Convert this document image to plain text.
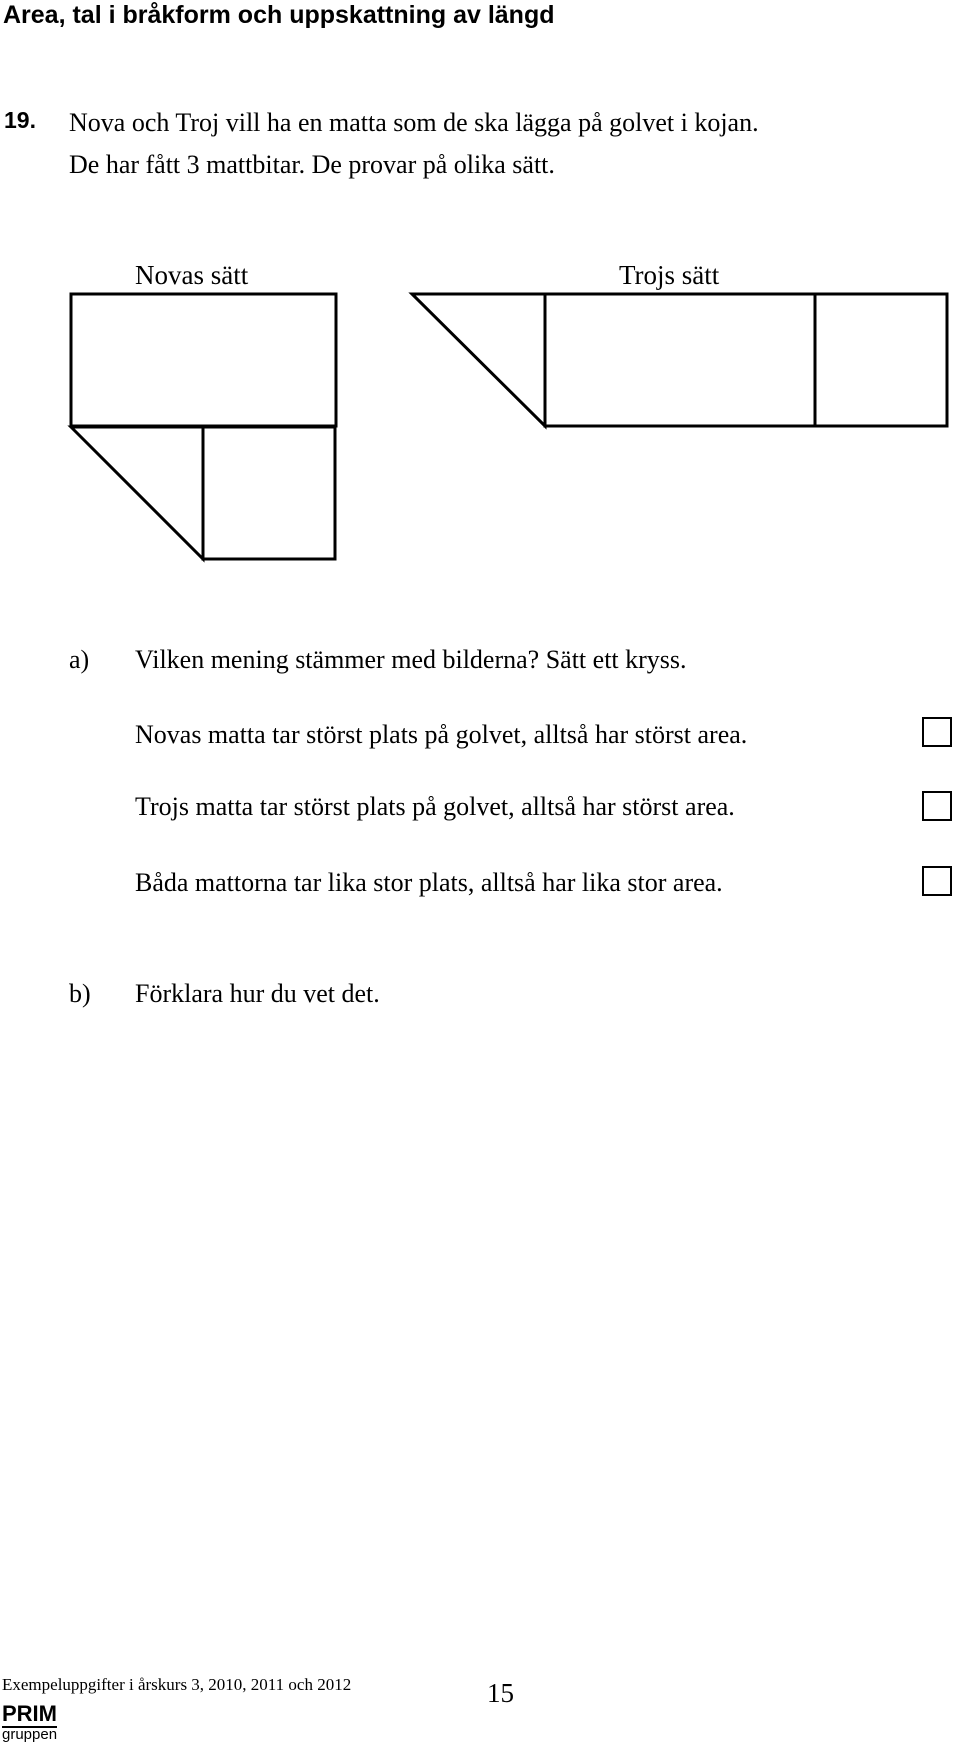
Area, tal i bråkform och uppskattning av längd
19. Nova och Troj vill ha en matta som de ska lägga på golvet i kojan.
De har fått 3 mattbitar. De provar på olika sätt.
Novas sätt	Trojs sätt
a) Vilken mening stämmer med bilderna? Sätt ett kryss.
Novas matta tar störst plats på golvet, alltså har störst area.
Trojs matta tar störst plats på golvet, alltså har störst area.
Båda mattorna tar lika stor plats, alltså har lika stor area.
b) Förklara hur du vet det.
Exempeluppgifter i årskurs 3, 2010, 2011 och 2012	15
PRIM
gruppen
